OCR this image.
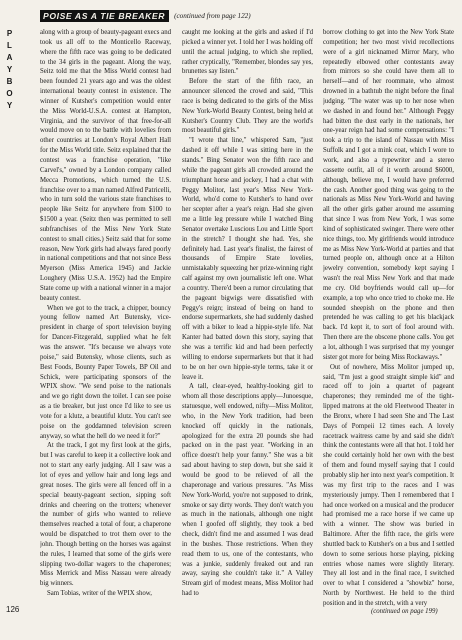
P
L
A
Y
B
O
Y
POISE AS A TIE BREAKER	(continued from page 122)

along with a group of beauty-pageant execs and took us all off to the Monticello Raceway, where the fifth race was going to be dedicated to the 34 girls in the pageant. Along the way, Seitz told me that the Miss World contest had been founded 21 years ago and was the oldest international beauty contest in existence. The winner of Kutsher's competition would enter the Miss World-U.S.A. contest at Hampton, Virginia, and the survivor of that free-for-all would move on to the battle with lovelies from other countries at London's Royal Albert Hall for the Miss World title. Seitz explained that the contest was a franchise operation, "like Carvel's," owned by a London company called Mecca Promotions, which turned the U.S. franchise over to a man named Alfred Patricelli, who in turn sold the various state franchises to people like Seitz for anywhere from $100 to $1500 a year. (Seitz then was permitted to sell subfranchises of the Miss New York State contest to small cities.) Seitz said that for some reason, New York girls had always fared poorly in national competitions and that not since Bess Myerson (Miss America 1945) and Jackie Loughery (Miss U.S.A. 1952) had the Empire State come up with a national winner in a major beauty contest.

When we got to the track, a chipper, bouncy young fellow named Art Butensky, vice-president in charge of sport television buying for Dancer-Fitzgerald, supplied what he felt was the answer. "It's because we always vote poise," said Butensky, whose clients, such as Best Foods, Bounty Paper Towels, BP Oil and Schick, were participating sponsors of the WPIX show. "We send poise to the nationals and we go right down the toilet. I can see poise as a tie breaker, but just once I'd like to see us vote for a klutz, a beautiful klutz. You can't see poise on the goddamned television screen anyway, so what the hell do we need it for?"

At the track, I got my first look at the girls, but I was careful to keep it a collective look and not to start any early judging. All I saw was a lot of eyes and yellow hair and long legs and great noses. The girls were all fenced off in a special beauty-pageant section, sipping soft drinks and cheering on the trotters; whenever the number of girls who wanted to relieve themselves reached a total of four, a chaperone would be dispatched to trot them over to the john. Though betting on the horses was against the rules, I learned that some of the girls were slipping two-dollar wagers to the chaperones; Miss Merrick and Miss Nassau were already big winners.

Sam Tobias, writer of the WPIX show,

caught me looking at the girls and asked if I'd picked a winner yet. I told her I was holding off until the actual judging, to which she replied, rather cryptically, "Remember, blondes say yes, brunettes say listen."

Before the start of the fifth race, an announcer silenced the crowd and said, "This race is being dedicated to the girls of the Miss New York-World Beauty Contest, being held at Kutsher's Country Club. They are the world's most beautiful girls."

"I wrote that line," whispered Sam, "just dashed it off while I was sitting here in the stands." Bing Senator won the fifth race and while the pageant girls all crowded around the triumphant horse and jockey, I had a chat with Peggy Molitor, last year's Miss New York-World, who'd come to Kutsher's to hand over her scepter after a year's reign. Had she given me a little leg pressure while I watched Bing Senator overtake Luscious Lou and Little Sport in the stretch? I thought she had. Yes, she definitely had. Last year's finalist, the fairest of thousands of Empire State lovelies, unmistakably squeezing her prize-winning right calf against my own journalistic left one. What a country. There'd been a rumor circulating that the pageant bigwigs were dissatisfied with Peggy's reign; instead of being on hand to endorse supermarkets, she had suddenly dashed off with a biker to lead a hippie-style life. Nat Kanter had batted down this story, saying that she was a terrific kid and had been perfectly willing to endorse supermarkets but that it had to be on her own hippie-style terms, take it or leave it.

A tall, clear-eyed, healthy-looking girl to whom all those descriptions apply—Junoesque, statuesque, well endowed, nifty—Miss Molitor, who, in the New York tradition, had been knocked off quickly in the nationals, apologized for the extra 20 pounds she had packed on in the past year. "Working in an office doesn't help your fanny." She was a bit sad about having to step down, but she said it would be good to be relieved of all the chaperonage and various pressures. "As Miss New York-World, you're not supposed to drink, smoke or say dirty words. They don't watch you as much in the nationals, although one night when I goofed off slightly, they took a bed check, didn't find me and assumed I was dead in the bushes. Those restrictions. When they read them to us, one of the contestants, who was a junkie, suddenly freaked out and ran away, saying she couldn't take it." A Valley Stream girl of modest means, Miss Molitor had had to

borrow clothing to get into the New York State competition; her two most vivid recollections were of a girl nicknamed Mirror Mary, who repeatedly elbowed other contestants away from mirrors so she could have them all to herself—and of her roommate, who almost drowned in a bathtub the night before the final judging. "The water was up to her nose when we dashed in and found her." Although Peggy had bitten the dust early in the nationals, her one-year reign had had some compensations: "I took a trip to the island of Nassau with Miss Suffolk and I got a mink coat, which I wore to work, and also a typewriter and a stereo cassette outfit, all of it worth around $6000, although, believe me, I would have preferred the cash. Another good thing was going to the nationals as Miss New York-World and having all the other girls gather around me assuming that since I was from New York, I was some kind of sophisticated swinger. There were other nice things, too. My girlfriends would introduce me as Miss New York-World at parties and that turned people on, although once at a Hilton jewelry convention, somebody kept saying I wasn't the real Miss New York and that made me cry. Old boyfriends would call up—for example, a top who once tried to choke me. He sounded sheepish on the phone and then pretended he was calling to get his blackjack back. I'd kept it, to sort of fool around with. Then there are the obscene phone calls. You get a lot, although I was surprised that my younger sister got more for being Miss Rockaways."

Out of nowhere, Miss Molitor jumped up, said, "I'm just a good straight simple kid" and raced off to join a quartet of pageant chaperones; they reminded me of the tight-lipped matrons at the old Fleetwood Theater in the Bronx, where I had seen She and The Last Days of Pompeii 12 times each. A lovely racetrack waitress came by and said she didn't think the contestants were all that hot. I told her she could certainly hold her own with the best of them and found myself saying that I could probably slip her into next year's competition. It was my first trip to the races and I was mysteriously jumpy. Then I remembered that I had once worked on a musical and the producer had promised me a race horse if we came up with a winner. The show was buried in Baltimore. After the fifth race, the girls were shuttled back to Kutsher's on a bus and I settled down to some serious horse playing, picking entries whose names were slightly literary. They all lost and in the final race, I switched over to what I considered a "showbiz" horse, North by Northwest. He held to the third position and in the stretch, with a very

(continued on page 199)
126
